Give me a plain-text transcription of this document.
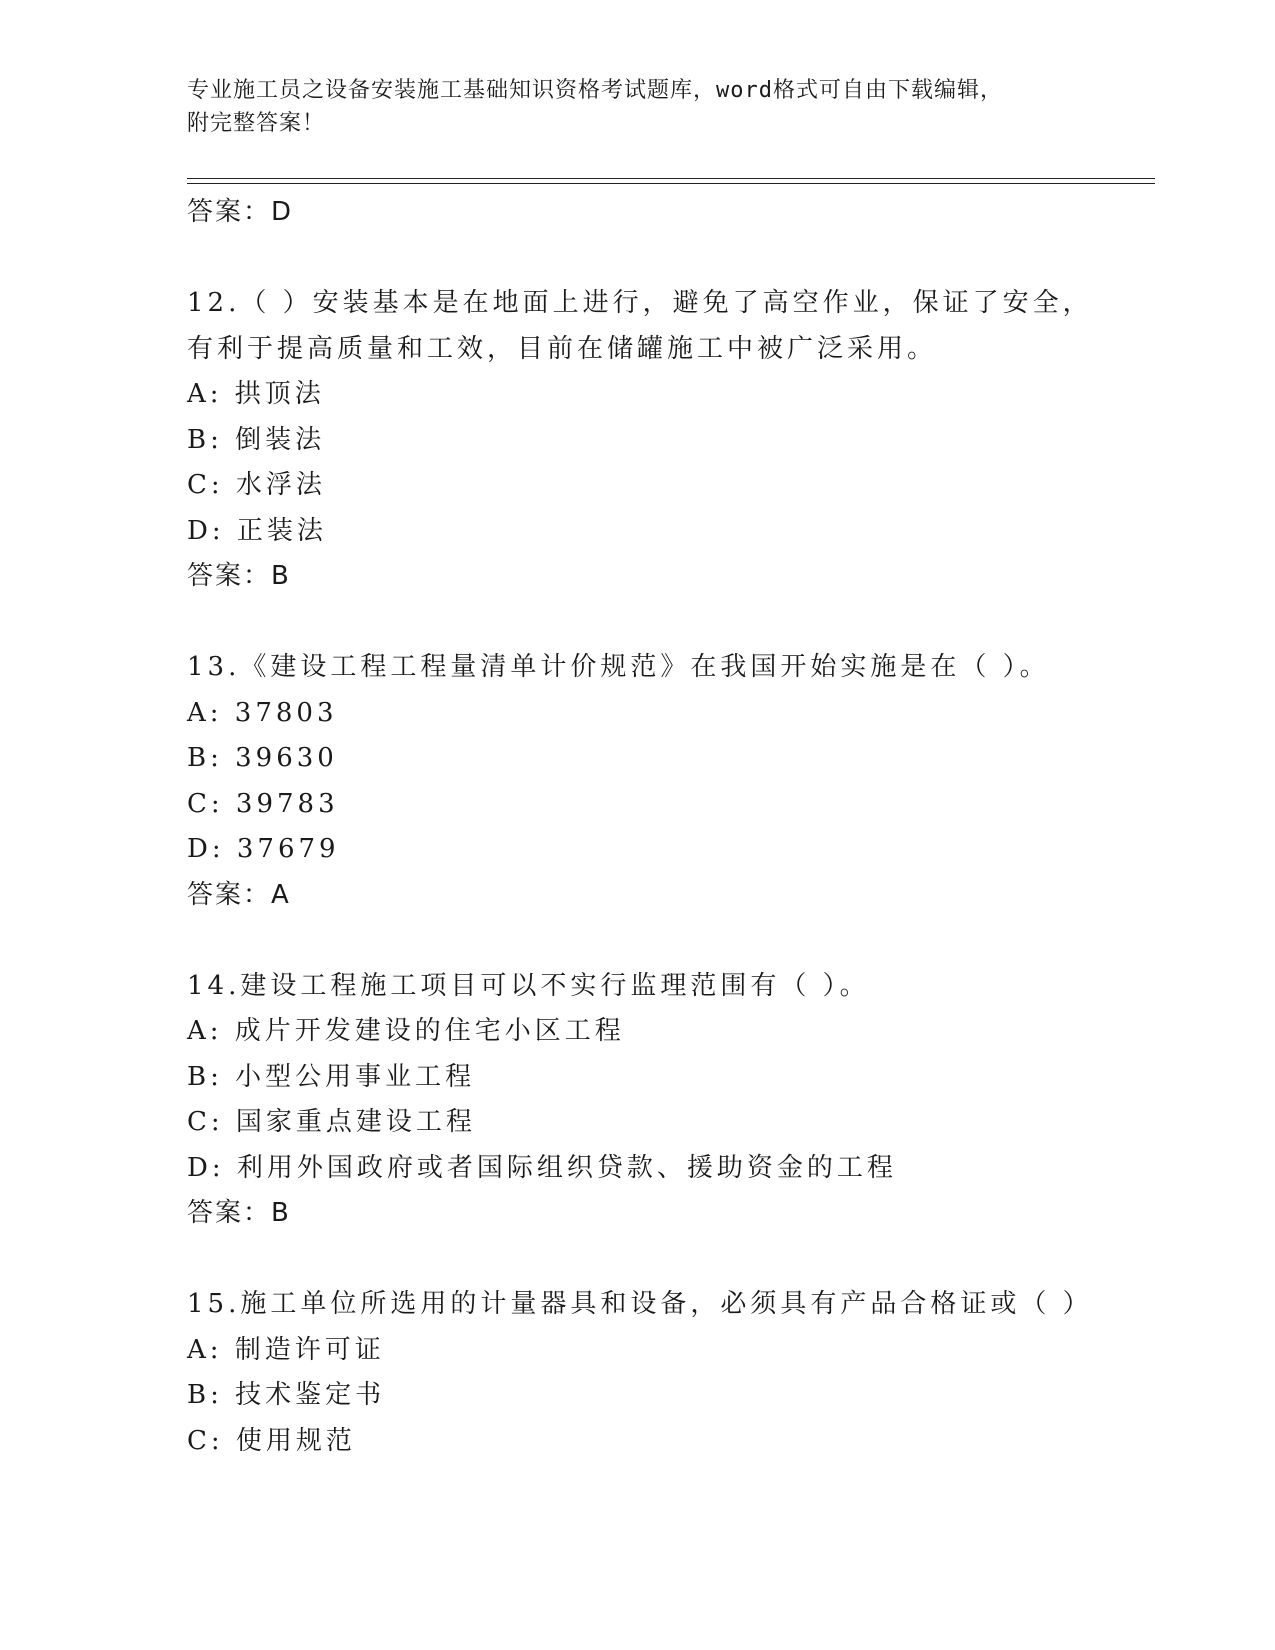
专业施工员之设备安装施工基础知识资格考试题库，word格式可自由下载编辑，
附完整答案！
答案：D
12.（ ）安装基本是在地面上进行，避免了高空作业，保证了安全，
有利于提高质量和工效，目前在储罐施工中被广泛采用。
A: 拱顶法
B: 倒装法
C: 水浮法
D: 正装法
答案：B
13.《建设工程工程量清单计价规范》在我国开始实施是在（ ）。
A: 37803
B: 39630
C: 39783
D: 37679
答案：A
14.建设工程施工项目可以不实行监理范围有（ ）。
A: 成片开发建设的住宅小区工程
B: 小型公用事业工程
C: 国家重点建设工程
D: 利用外国政府或者国际组织贷款、援助资金的工程
答案：B
15.施工单位所选用的计量器具和设备，必须具有产品合格证或（ ）
A: 制造许可证
B: 技术鉴定书
C: 使用规范
